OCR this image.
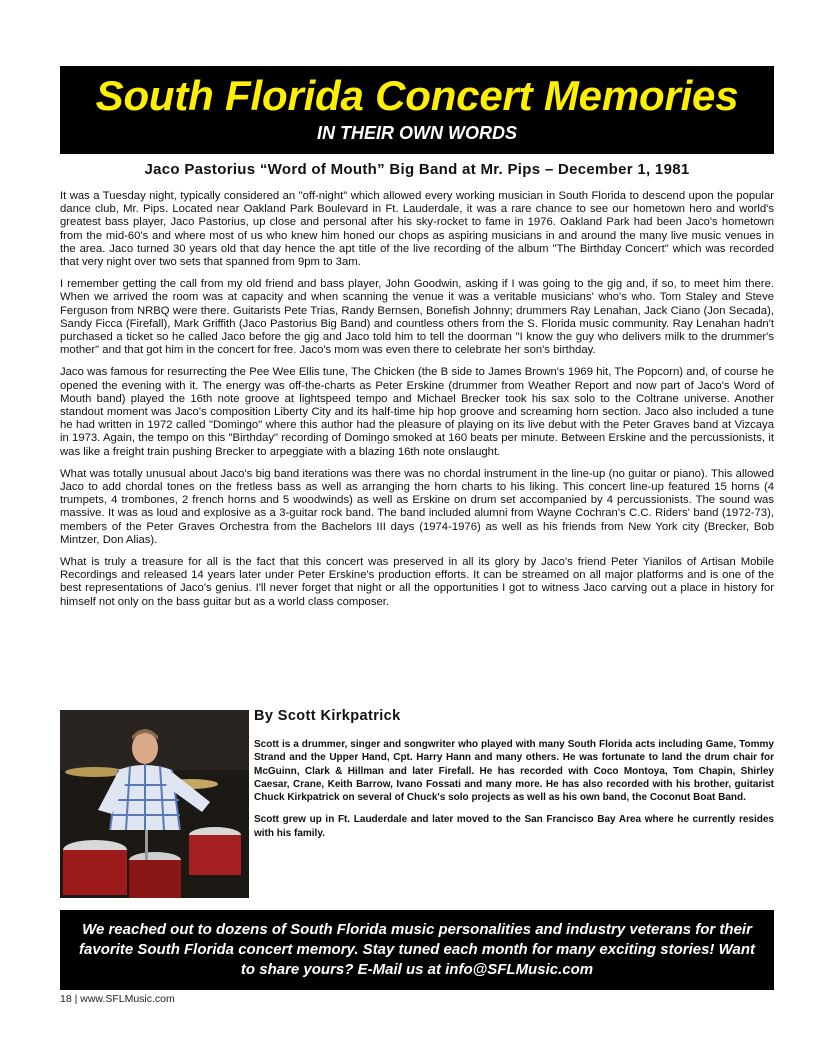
South Florida Concert Memories
IN THEIR OWN WORDS
Jaco Pastorius “Word of Mouth” Big Band at Mr. Pips – December 1, 1981

It was a Tuesday night, typically considered an "off-night" which allowed every working musician in South Florida to descend upon the popular dance club, Mr. Pips. Located near Oakland Park Boulevard in Ft. Lauderdale, it was a rare chance to see our hometown hero and world's greatest bass player, Jaco Pastorius, up close and personal after his sky-rocket to fame in 1976. Oakland Park had been Jaco's hometown from the mid-60's and where most of us who knew him honed our chops as aspiring musicians in and around the many live music venues in the area. Jaco turned 30 years old that day hence the apt title of the live recording of the album "The Birthday Concert" which was recorded that very night over two sets that spanned from 9pm to 3am.

I remember getting the call from my old friend and bass player, John Goodwin, asking if I was going to the gig and, if so, to meet him there. When we arrived the room was at capacity and when scanning the venue it was a veritable musicians' who's who. Tom Staley and Steve Ferguson from NRBQ were there. Guitarists Pete Trias, Randy Bernsen, Bonefish Johnny; drummers Ray Lenahan, Jack Ciano (Jon Secada), Sandy Ficca (Firefall), Mark Griffith (Jaco Pastorius Big Band) and countless others from the S. Florida music community. Ray Lenahan hadn't purchased a ticket so he called Jaco before the gig and Jaco told him to tell the doorman "I know the guy who delivers milk to the drummer's mother" and that got him in the concert for free. Jaco's mom was even there to celebrate her son's birthday.

Jaco was famous for resurrecting the Pee Wee Ellis tune, The Chicken (the B side to James Brown's 1969 hit, The Popcorn) and, of course he opened the evening with it. The energy was off-the-charts as Peter Erskine (drummer from Weather Report and now part of Jaco's Word of Mouth band) played the 16th note groove at lightspeed tempo and Michael Brecker took his sax solo to the Coltrane universe. Another standout moment was Jaco's composition Liberty City and its half-time hip hop groove and screaming horn section. Jaco also included a tune he had written in 1972 called "Domingo" where this author had the pleasure of playing on its live debut with the Peter Graves band at Vizcaya in 1973. Again, the tempo on this "Birthday" recording of Domingo smoked at 160 beats per minute. Between Erskine and the percussionists, it was like a freight train pushing Brecker to arpeggiate with a blazing 16th note onslaught.

What was totally unusual about Jaco's big band iterations was there was no chordal instrument in the line-up (no guitar or piano). This allowed Jaco to add chordal tones on the fretless bass as well as arranging the horn charts to his liking. This concert line-up featured 15 horns (4 trumpets, 4 trombones, 2 french horns and 5 woodwinds) as well as Erskine on drum set accompanied by 4 percussionists. The sound was massive. It was as loud and explosive as a 3-guitar rock band. The band included alumni from Wayne Cochran's C.C. Riders' band (1972-73), members of the Peter Graves Orchestra from the Bachelors III days (1974-1976) as well as his friends from New York city (Brecker, Bob Mintzer, Don Alias).

What is truly a treasure for all is the fact that this concert was preserved in all its glory by Jaco's friend Peter Yianilos of Artisan Mobile Recordings and released 14 years later under Peter Erskine's production efforts. It can be streamed on all major platforms and is one of the best representations of Jaco's genius. I'll never forget that night or all the opportunities I got to witness Jaco carving out a place in history for himself not only on the bass guitar but as a world class composer.

By Scott Kirkpatrick

Scott is a drummer, singer and songwriter who played with many South Florida acts including Game, Tommy Strand and the Upper Hand, Cpt. Harry Hann and many others. He was fortunate to land the drum chair for McGuinn, Clark & Hillman and later Firefall. He has recorded with Coco Montoya, Tom Chapin, Shirley Caesar, Crane, Keith Barrow, Ivano Fossati and many more. He has also recorded with his brother, guitarist Chuck Kirkpatrick on several of Chuck's solo projects as well as his own band, the Coconut Boat Band.

Scott grew up in Ft. Lauderdale and later moved to the San Francisco Bay Area where he currently resides with his family.

We reached out to dozens of South Florida music personalities and industry veterans for their favorite South Florida concert memory. Stay tuned each month for many exciting stories! Want to share yours? E-Mail us at info@SFLMusic.com
18 | www.SFLMusic.com
